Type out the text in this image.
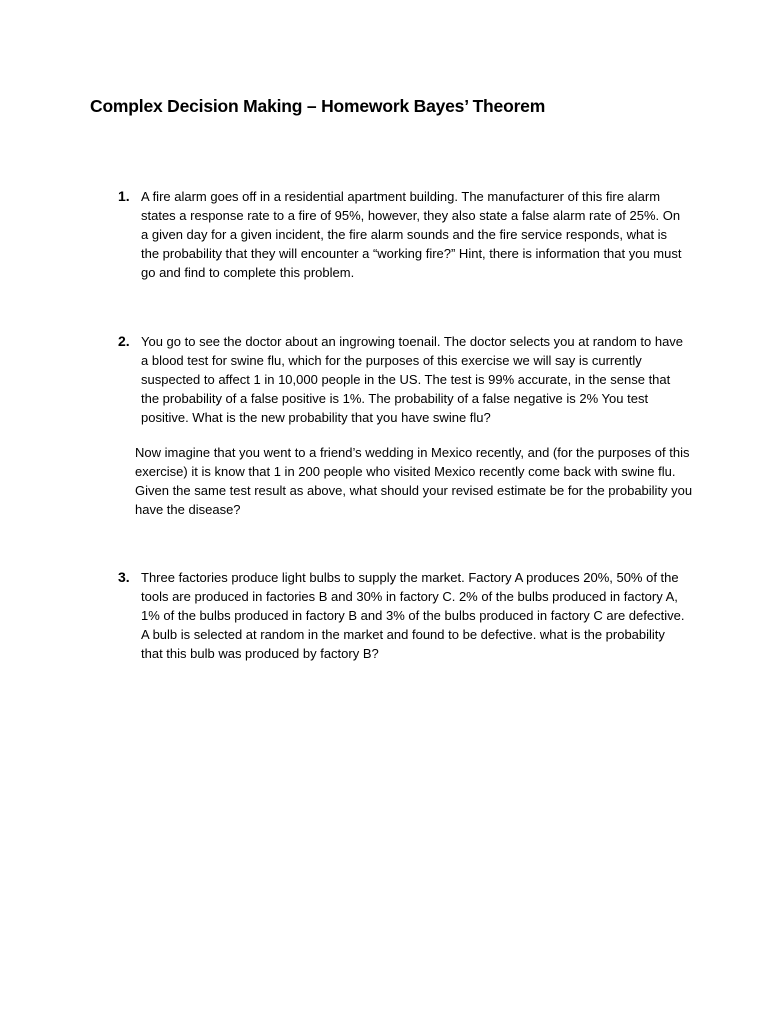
Complex Decision Making – Homework Bayes’ Theorem
1. A fire alarm goes off in a residential apartment building. The manufacturer of this fire alarm states a response rate to a fire of 95%, however, they also state a false alarm rate of 25%. On a given day for a given incident, the fire alarm sounds and the fire service responds, what is the probability that they will encounter a “working fire?” Hint, there is information that you must go and find to complete this problem.

2. You go to see the doctor about an ingrowing toenail. The doctor selects you at random to have a blood test for swine flu, which for the purposes of this exercise we will say is currently suspected to affect 1 in 10,000 people in the US. The test is 99% accurate, in the sense that the probability of a false positive is 1%. The probability of a false negative is 2% You test positive. What is the new probability that you have swine flu?

Now imagine that you went to a friend’s wedding in Mexico recently, and (for the purposes of this exercise) it is know that 1 in 200 people who visited Mexico recently come back with swine flu. Given the same test result as above, what should your revised estimate be for the probability you have the disease?

3. Three factories produce light bulbs to supply the market. Factory A produces 20%, 50% of the tools are produced in factories B and 30% in factory C. 2% of the bulbs produced in factory A, 1% of the bulbs produced in factory B and 3% of the bulbs produced in factory C are defective. A bulb is selected at random in the market and found to be defective. what is the probability that this bulb was produced by factory B?
